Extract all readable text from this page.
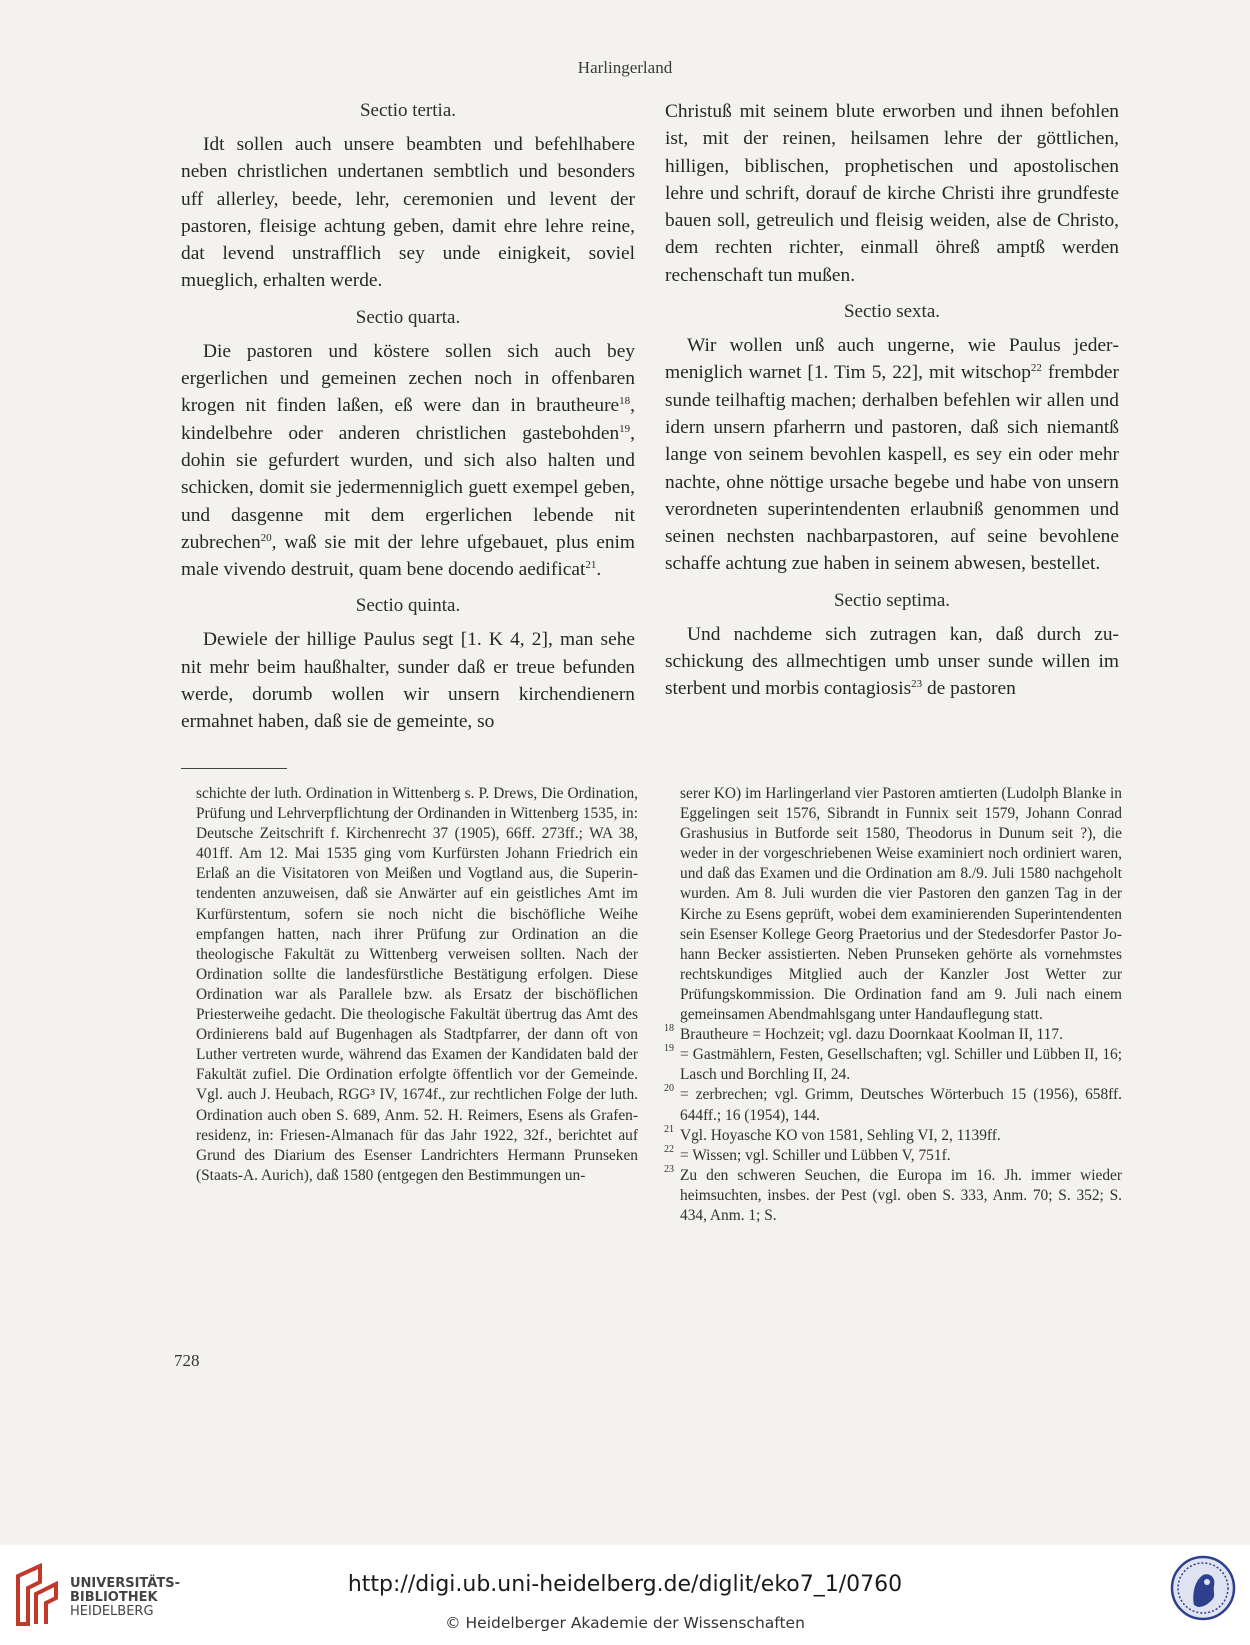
Harlingerland
Sectio tertia.

Idt sollen auch unsere beambten und befehlhabere neben christlichen undertanen sembtlich und besonders uff allerley, beede, lehr, ceremonien und levent der pastoren, fleisige achtung geben, damit ehre lehre reine, dat levend unstrafflich sey unde einigkeit, soviel mueglich, erhalten werde.

Sectio quarta.

Die pastoren und köstere sollen sich auch bey ergerlichen und gemeinen zechen noch in offenbaren krogen nit finden laßen, eß were dan in brautheure$^{18}$, kindelbehre oder anderen christlichen gastebohden$^{19}$, dohin sie gefurdert wurden, und sich also halten und schicken, domit sie jedermenniglich guett exempel geben, und dasgenne mit dem ergerlichen lebende nit zubrechen$^{20}$, waß sie mit der lehre ufgebauet, plus enim male vivendo destruit, quam bene docendo aedificat$^{21}$.

Sectio quinta.

Dewiele der hillige Paulus segt [1. K 4, 2], man sehe nit mehr beim haußhalter, sunder daß er treue befunden werde, dorumb wollen wir unsern kirchendienern ermahnet haben, daß sie de gemeinte, so

Christuß mit seinem blute erworben und ihnen befohlen ist, mit der reinen, heilsamen lehre der göttlichen, hilligen, biblischen, prophetischen und apostolischen lehre und schrift, dorauf de kirche Christi ihre grundfeste bauen soll, getreulich und fleisig weiden, alse de Christo, dem rechten richter, einmall öhreß amptß werden rechenschaft tun mußen.

Sectio sexta.

Wir wollen unß auch ungerne, wie Paulus jedermeniglich warnet [1. Tim 5, 22], mit witschop$^{22}$ frembder sunde teilhaftig machen; derhalben befehlen wir allen und idern unsern pfarherrn und pastoren, daß sich niemantß lange von seinem bevohlen kaspell, es sey ein oder mehr nachte, ohne nöttige ursache begebe und habe von unsern verordneten superintendenten erlaubniß genommen und seinen nechsten nachbarpastoren, auf seine bevohlene schaffe achtung zue haben in seinem abwesen, bestellet.

Sectio septima.

Und nachdeme sich zutragen kan, daß durch zuschickung des allmechtigen umb unser sunde willen im sterbent und morbis contagiosis$^{23}$ de pastoren

schichte der luth. Ordination in Wittenberg s. P. Drews, Die Ordination, Prüfung und Lehrverpflichtung der Ordinanden in Wittenberg 1535, in: Deutsche Zeitschrift f. Kirchenrecht 37 (1905), 66ff. 273ff.; WA 38, 401ff. Am 12. Mai 1535 ging vom Kurfürsten Johann Friedrich ein Erlaß an die Visitatoren von Meißen und Vogtland aus, die Superintendenten anzuweisen, daß sie Anwärter auf ein geistliches Amt im Kurfürstentum, sofern sie noch nicht die bischöfliche Weihe empfangen hatten, nach ihrer Prüfung zur Ordination an die theologische Fakultät zu Wittenberg verweisen sollten. Nach der Ordination sollte die landesfürstliche Bestätigung erfolgen. Diese Ordination war als Parallele bzw. als Ersatz der bischöflichen Priesterweihe gedacht. Die theologische Fakultät übertrug das Amt des Ordinierens bald auf Bugenhagen als Stadtpfarrer, der dann oft von Luther vertreten wurde, während das Examen der Kandidaten bald der Fakultät zufiel. Die Ordination erfolgte öffentlich vor der Gemeinde. Vgl. auch J. Heubach, RGG³ IV, 1674f., zur rechtlichen Folge der luth. Ordination auch oben S. 689, Anm. 52. H. Reimers, Esens als Grafenresidenz, in: Friesen-Almanach für das Jahr 1922, 32f., berichtet auf Grund des Diarium des Esenser Landrichters Hermann Prunseken (Staats-A. Aurich), daß 1580 (entgegen den Bestimmungen un-

serer KO) im Harlingerland vier Pastoren amtierten (Ludolph Blanke in Eggelingen seit 1576, Sibrandt in Funnix seit 1579, Johann Conrad Grashusius in Butforde seit 1580, Theodorus in Dunum seit ?), die weder in der vorgeschriebenen Weise examiniert noch ordiniert waren, und daß das Examen und die Ordination am 8./9. Juli 1580 nachgeholt wurden. Am 8. Juli wurden die vier Pastoren den ganzen Tag in der Kirche zu Esens geprüft, wobei dem examinierenden Superintendenten sein Esenser Kollege Georg Praetorius und der Stedesdorfer Pastor Johann Becker assistierten. Neben Prunseken gehörte als vornehmstes rechtskundiges Mitglied auch der Kanzler Jost Wetter zur Prüfungskommission. Die Ordination fand am 9. Juli nach einem gemeinsamen Abendmahlsgang unter Handauflegung statt.

18 Brautheure = Hochzeit; vgl. dazu Doornkaat Koolman II, 117.

19 = Gastmählern, Festen, Gesellschaften; vgl. Schiller und Lübben II, 16; Lasch und Borchling II, 24.

20 = zerbrechen; vgl. Grimm, Deutsches Wörterbuch 15 (1956), 658ff. 644ff.; 16 (1954), 144.

21 Vgl. Hoyasche KO von 1581, Sehling VI, 2, 1139ff.

22 = Wissen; vgl. Schiller und Lübben V, 751f.

23 Zu den schweren Seuchen, die Europa im 16. Jh. immer wieder heimsuchten, insbes. der Pest (vgl. oben S. 333, Anm. 70; S. 352; S. 434, Anm. 1; S.

728
UNIVERSITÄTS-
BIBLIOTHEK
HEIDELBERG
http://digi.ub.uni-heidelberg.de/diglit/eko7_1/0760
© Heidelberger Akademie der Wissenschaften
